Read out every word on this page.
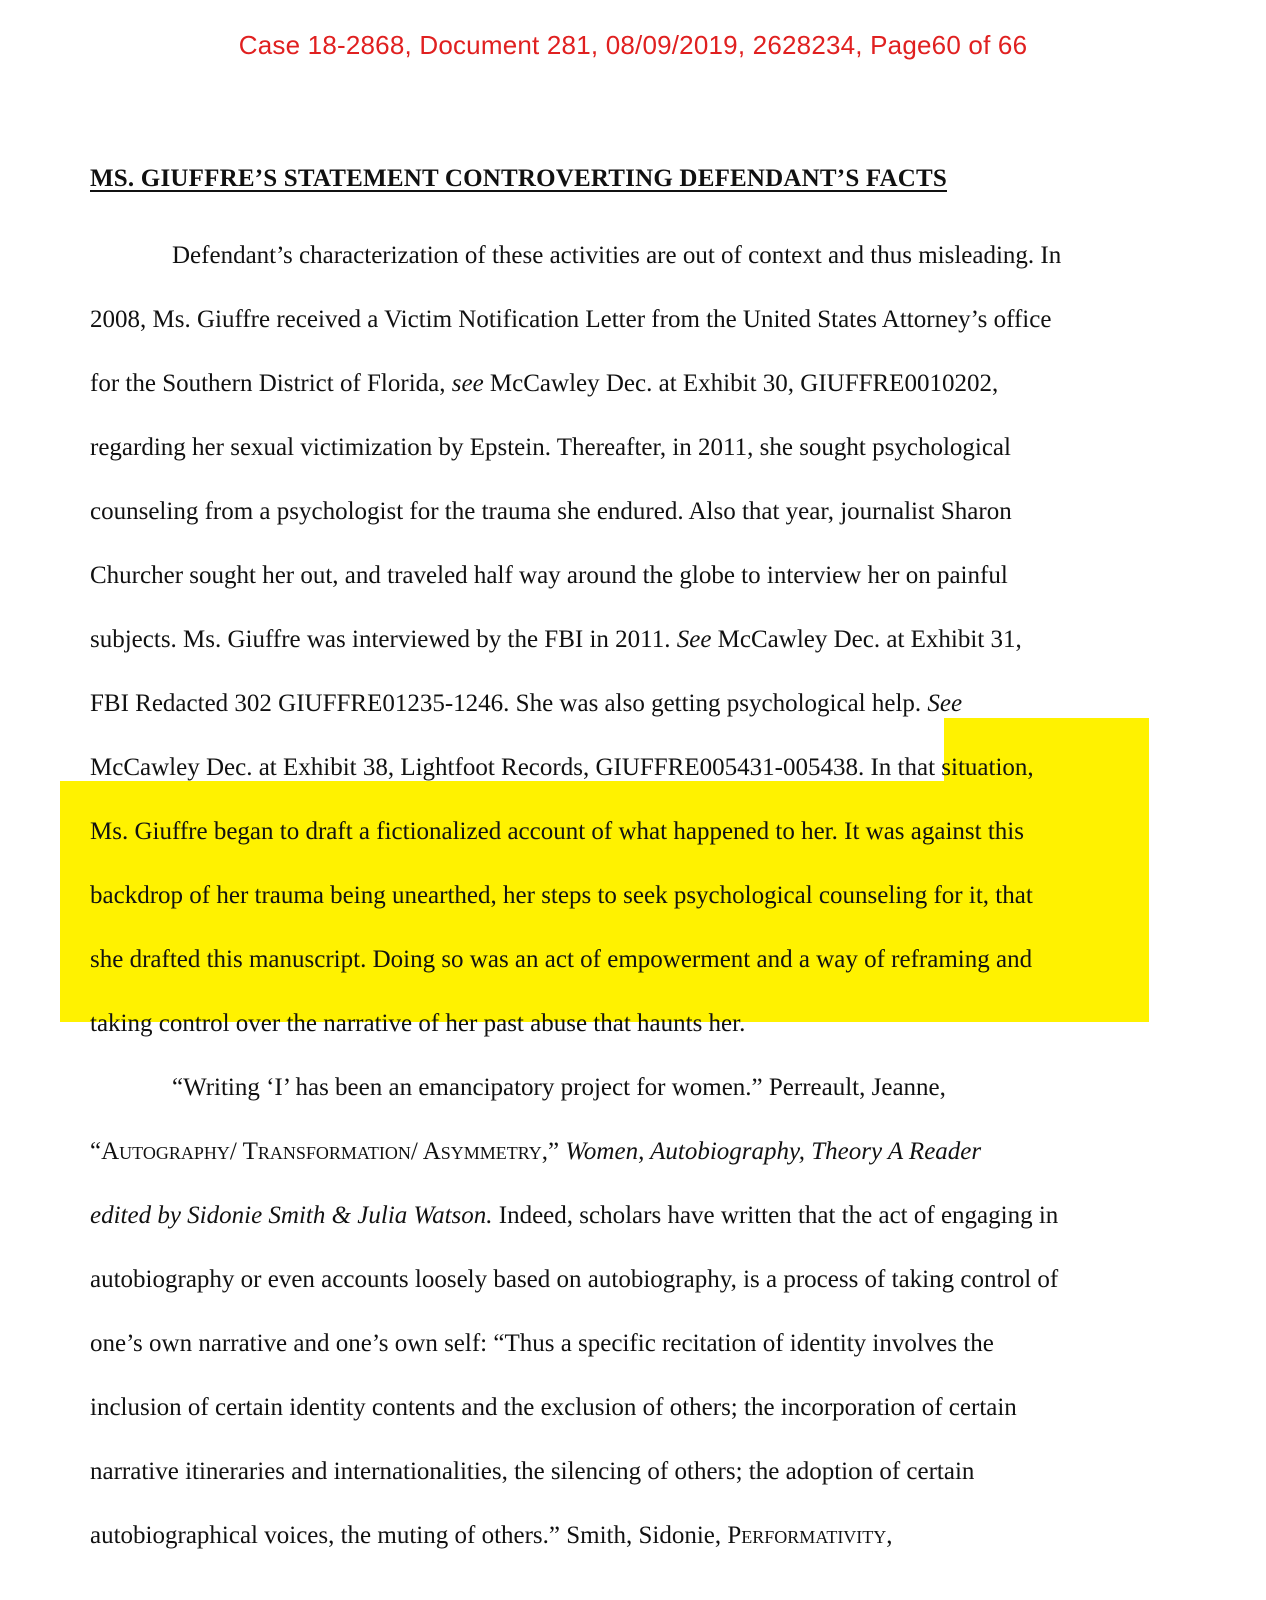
Case 18-2868, Document 281, 08/09/2019, 2628234, Page60 of 66
MS. GIUFFRE’S STATEMENT CONTROVERTING DEFENDANT’S FACTS
Defendant’s characterization of these activities are out of context and thus misleading. In
2008, Ms. Giuffre received a Victim Notification Letter from the United States Attorney’s office
for the Southern District of Florida, see McCawley Dec. at Exhibit 30, GIUFFRE0010202,
regarding her sexual victimization by Epstein. Thereafter, in 2011, she sought psychological
counseling from a psychologist for the trauma she endured. Also that year, journalist Sharon
Churcher sought her out, and traveled half way around the globe to interview her on painful
subjects. Ms. Giuffre was interviewed by the FBI in 2011. See McCawley Dec. at Exhibit 31,
FBI Redacted 302 GIUFFRE01235-1246. She was also getting psychological help. See
McCawley Dec. at Exhibit 38, Lightfoot Records, GIUFFRE005431-005438. In that situation,
Ms. Giuffre began to draft a fictionalized account of what happened to her. It was against this
backdrop of her trauma being unearthed, her steps to seek psychological counseling for it, that
she drafted this manuscript. Doing so was an act of empowerment and a way of reframing and
taking control over the narrative of her past abuse that haunts her.
“Writing ‘I’ has been an emancipatory project for women.” Perreault, Jeanne,
“Autography/ Transformation/ Asymmetry,” Women, Autobiography, Theory A Reader
edited by Sidonie Smith & Julia Watson. Indeed, scholars have written that the act of engaging in
autobiography or even accounts loosely based on autobiography, is a process of taking control of
one’s own narrative and one’s own self: “Thus a specific recitation of identity involves the
inclusion of certain identity contents and the exclusion of others; the incorporation of certain
narrative itineraries and internationalities, the silencing of others; the adoption of certain
autobiographical voices, the muting of others.” Smith, Sidonie, Performativity,
